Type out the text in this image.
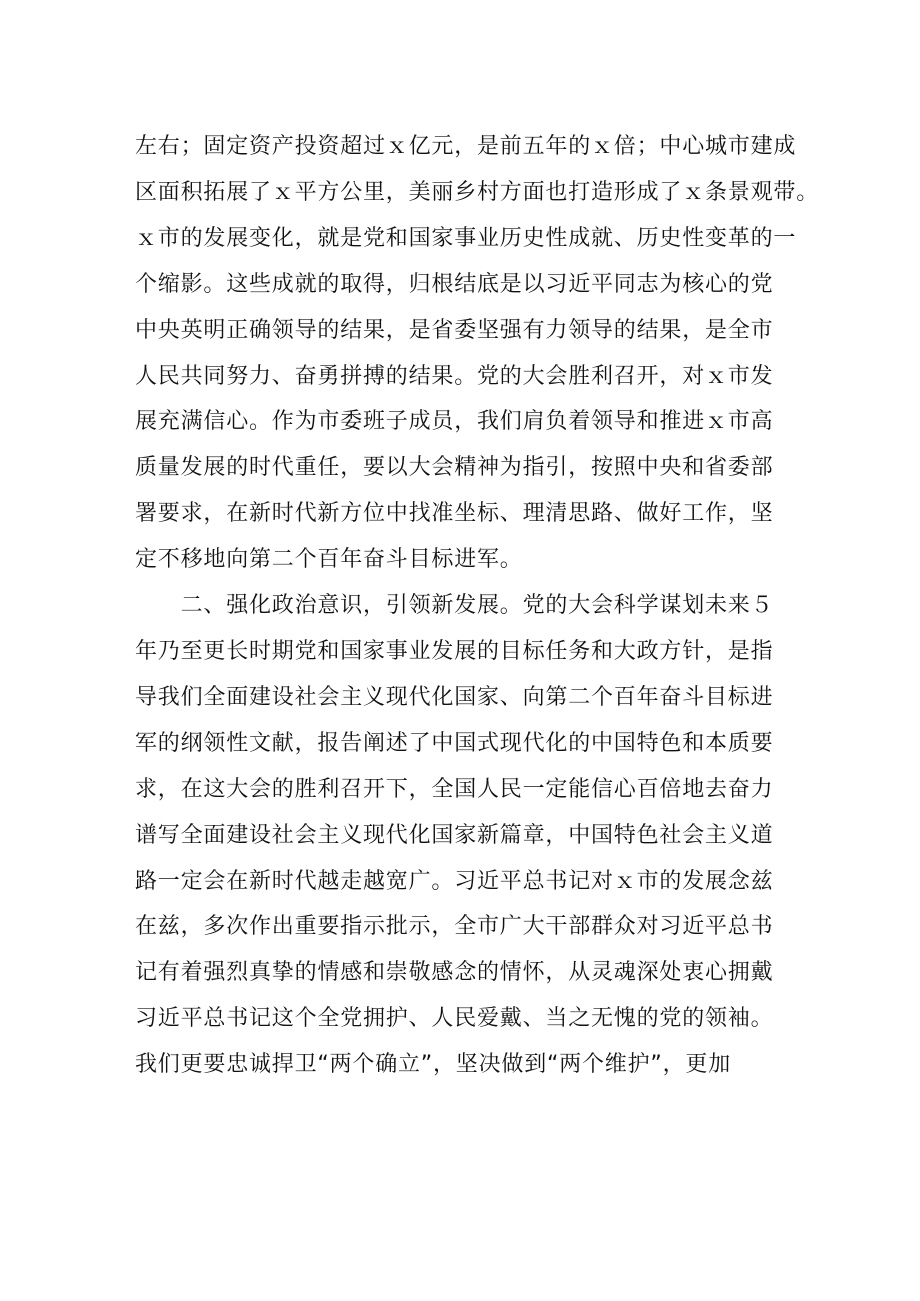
左右；固定资产投资超过ｘ亿元，是前五年的ｘ倍；中心城市建成
区面积拓展了ｘ平方公里，美丽乡村方面也打造形成了ｘ条景观带。
ｘ市的发展变化，就是党和国家事业历史性成就、历史性变革的一
个缩影。这些成就的取得，归根结底是以习近平同志为核心的党
中央英明正确领导的结果，是省委坚强有力领导的结果，是全市
人民共同努力、奋勇拼搏的结果。党的大会胜利召开，对ｘ市发
展充满信心。作为市委班子成员，我们肩负着领导和推进ｘ市高
质量发展的时代重任，要以大会精神为指引，按照中央和省委部
署要求，在新时代新方位中找准坐标、理清思路、做好工作，坚
定不移地向第二个百年奋斗目标进军。
　　二、强化政治意识，引领新发展。党的大会科学谋划未来５
年乃至更长时期党和国家事业发展的目标任务和大政方针，是指
导我们全面建设社会主义现代化国家、向第二个百年奋斗目标进
军的纲领性文献，报告阐述了中国式现代化的中国特色和本质要
求，在这大会的胜利召开下，全国人民一定能信心百倍地去奋力
谱写全面建设社会主义现代化国家新篇章，中国特色社会主义道
路一定会在新时代越走越宽广。习近平总书记对ｘ市的发展念兹
在兹，多次作出重要指示批示，全市广大干部群众对习近平总书
记有着强烈真挚的情感和崇敬感念的情怀，从灵魂深处衷心拥戴
习近平总书记这个全党拥护、人民爱戴、当之无愧的党的领袖。
我们更要忠诚捍卫“两个确立”，坚决做到“两个维护”，更加
